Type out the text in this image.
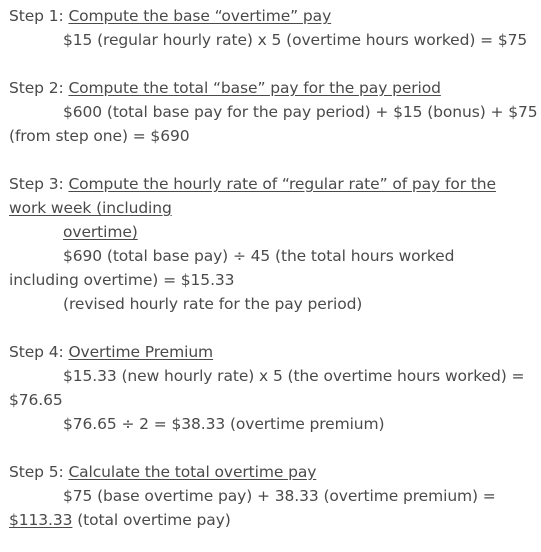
Step 1: Compute the base “overtime” pay
$15 (regular hourly rate) x 5 (overtime hours worked) = $75
Step 2: Compute the total “base” pay for the pay period
$600 (total base pay for the pay period) + $15 (bonus) + $75
(from step one) = $690
Step 3: Compute the hourly rate of “regular rate” of pay for the
work week (including
overtime)
$690 (total base pay) ÷ 45 (the total hours worked
including overtime) = $15.33
(revised hourly rate for the pay period)
Step 4: Overtime Premium
$15.33 (new hourly rate) x 5 (the overtime hours worked) =
$76.65
$76.65 ÷ 2 = $38.33 (overtime premium)
Step 5: Calculate the total overtime pay
$75 (base overtime pay) + 38.33 (overtime premium) =
$113.33 (total overtime pay)
